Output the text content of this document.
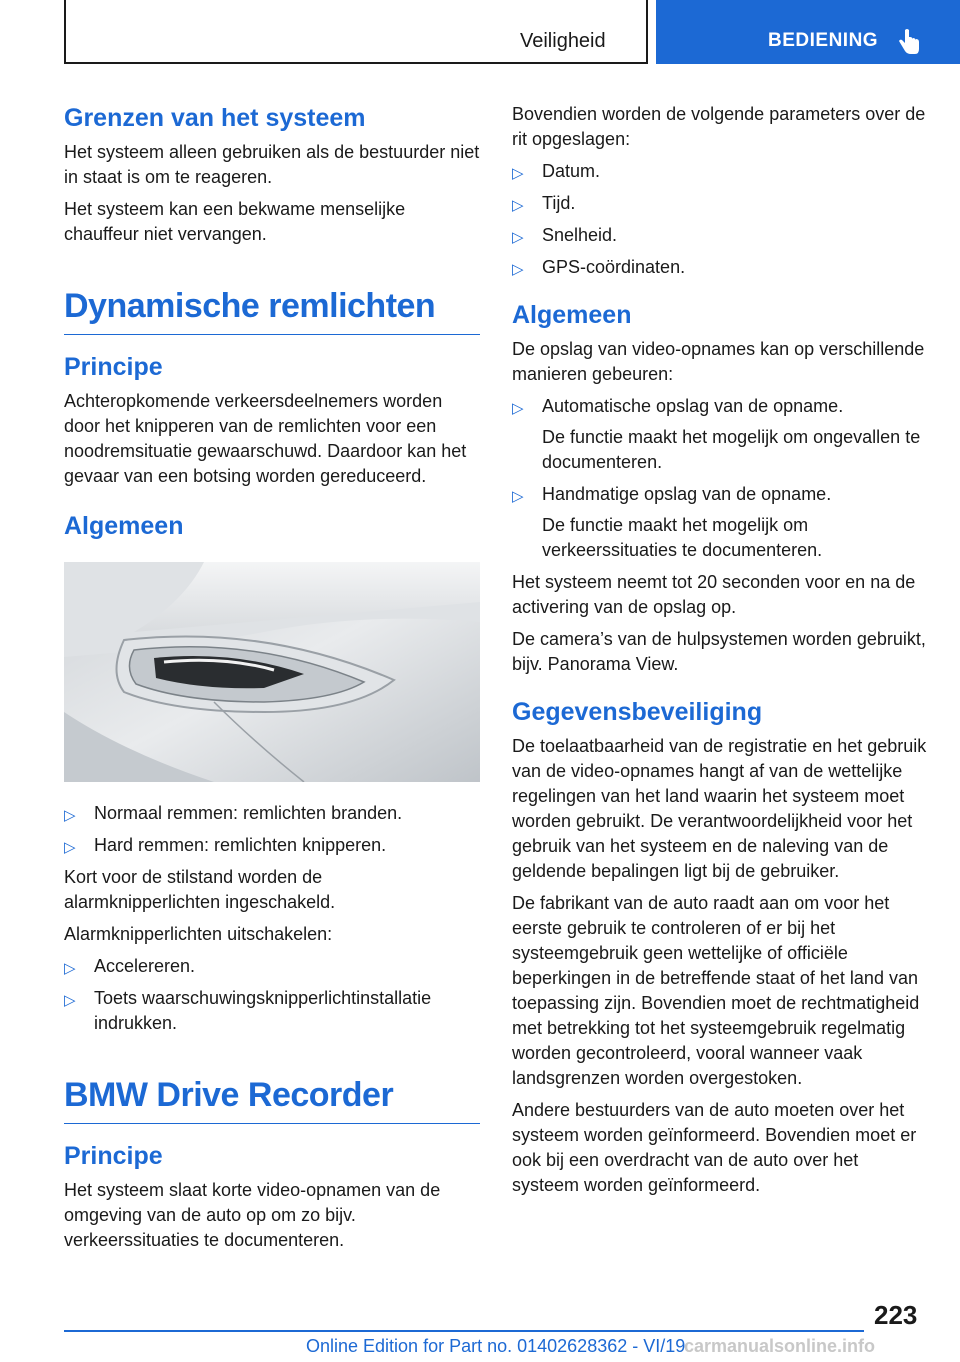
Veiligheid	BEDIENING
Grenzen van het systeem

Het systeem alleen gebruiken als de bestuurder niet in staat is om te reageren.

Het systeem kan een bekwame menselijke chauffeur niet vervangen.

Dynamische remlichten
Principe

Achteropkomende verkeersdeelnemers worden door het knipperen van de remlichten voor een noodremsituatie gewaarschuwd. Daardoor kan het gevaar van een botsing worden gereduceerd.

Algemeen
▷ Normaal remmen: remlichten branden.
▷ Hard remmen: remlichten knipperen.

Kort voor de stilstand worden de alarmknipperlichten ingeschakeld.

Alarmknipperlichten uitschakelen:

▷ Accelereren.
▷ Toets waarschuwingsknipperlichtinstallatie indrukken.
BMW Drive Recorder
Principe

Het systeem slaat korte video-opnamen van de omgeving van de auto op om zo bijv. verkeerssituaties te documenteren.

Bovendien worden de volgende parameters over de rit opgeslagen:

▷ Datum.
▷ Tijd.
▷ Snelheid.
▷ GPS-coördinaten.
Algemeen

De opslag van video-opnames kan op verschillende manieren gebeuren:

▷ Automatische opslag van de opname.
De functie maakt het mogelijk om ongevallen te documenteren.
▷ Handmatige opslag van de opname.
De functie maakt het mogelijk om verkeerssituaties te documenteren.

Het systeem neemt tot 20 seconden voor en na de activering van de opslag op.

De camera’s van de hulpsystemen worden gebruikt, bijv. Panorama View.

Gegevensbeveiliging

De toelaatbaarheid van de registratie en het gebruik van de video-opnames hangt af van de wettelijke regelingen van het land waarin het systeem moet worden gebruikt. De verantwoordelijkheid voor het gebruik van het systeem en de naleving van de geldende bepalingen ligt bij de gebruiker.

De fabrikant van de auto raadt aan om voor het eerste gebruik te controleren of er bij het systeemgebruik geen wettelijke of officiële beperkingen in de betreffende staat of het land van toepassing zijn. Bovendien moet de rechtmatigheid met betrekking tot het systeemgebruik regelmatig worden gecontroleerd, vooral wanneer vaak landsgrenzen worden overgestoken.

Andere bestuurders van de auto moeten over het systeem worden geïnformeerd. Bovendien moet er ook bij een overdracht van de auto over het systeem worden geïnformeerd.

223
Online Edition for Part no. 01402628362 - VI/19
carmanualsonline.info
